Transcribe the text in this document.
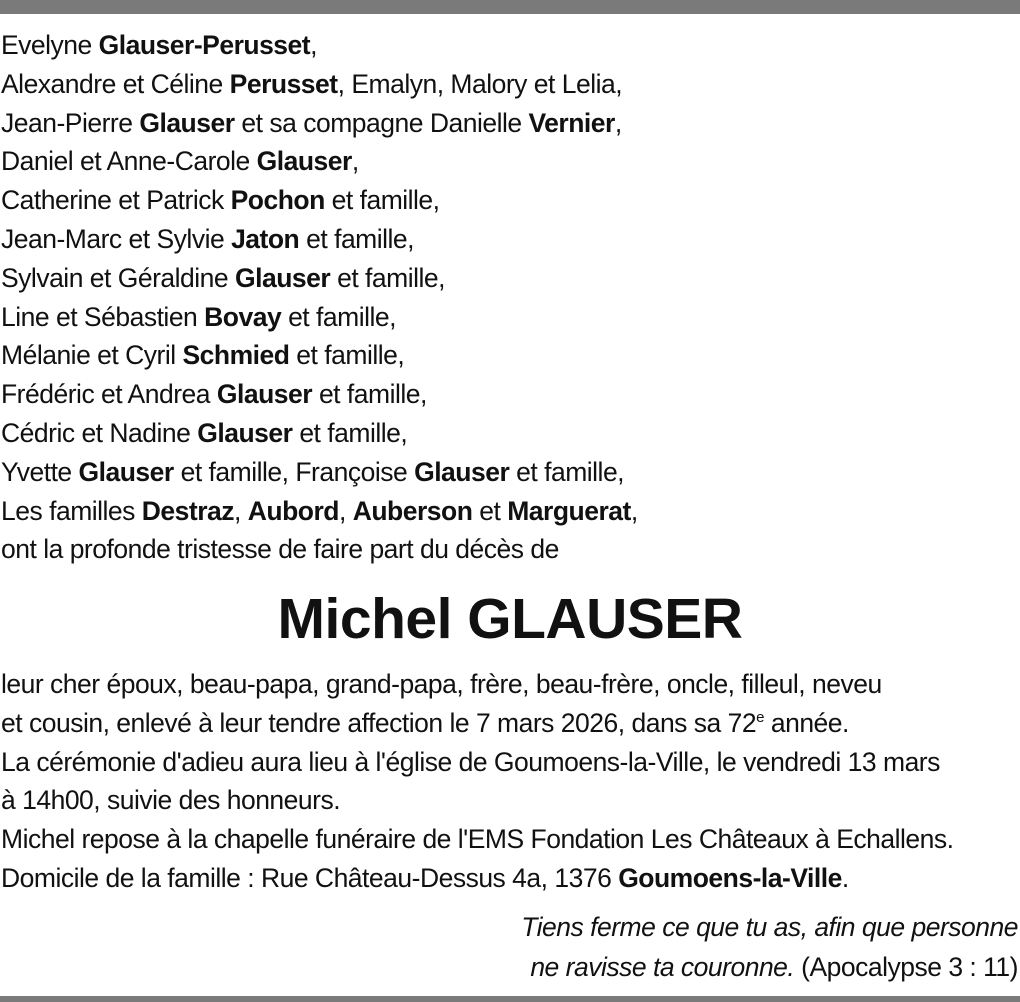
Evelyne Glauser-Perusset,
Alexandre et Céline Perusset, Emalyn, Malory et Lelia,
Jean-Pierre Glauser et sa compagne Danielle Vernier,
Daniel et Anne-Carole Glauser,
Catherine et Patrick Pochon et famille,
Jean-Marc et Sylvie Jaton et famille,
Sylvain et Géraldine Glauser et famille,
Line et Sébastien Bovay et famille,
Mélanie et Cyril Schmied et famille,
Frédéric et Andrea Glauser et famille,
Cédric et Nadine Glauser et famille,
Yvette Glauser et famille, Françoise Glauser et famille,
Les familles Destraz, Aubord, Auberson et Marguerat,
ont la profonde tristesse de faire part du décès de
Michel GLAUSER
leur cher époux, beau-papa, grand-papa, frère, beau-frère, oncle, filleul, neveu
et cousin, enlevé à leur tendre affection le 7 mars 2026, dans sa 72e année.
La cérémonie d'adieu aura lieu à l'église de Goumoens-la-Ville, le vendredi 13 mars
à 14h00, suivie des honneurs.
Michel repose à la chapelle funéraire de l'EMS Fondation Les Châteaux à Echallens.
Domicile de la famille : Rue Château-Dessus 4a, 1376 Goumoens-la-Ville.
Tiens ferme ce que tu as, afin que personne
ne ravisse ta couronne. (Apocalypse 3 : 11)
